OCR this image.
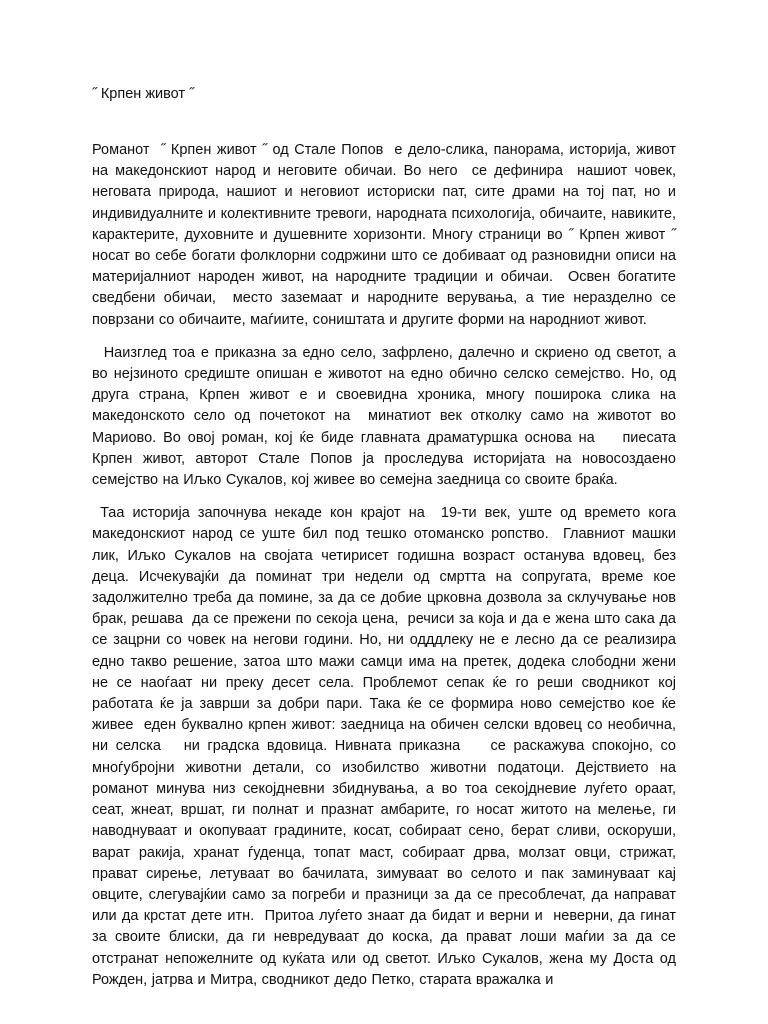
˝ Крпен живот ˝

Романот  ˝ Крпен живот ˝ од Стале Попов  е дело-слика, панорама, историја, живот на македонскиот народ и неговите обичаи. Во него  се дефинира  нашиот човек, неговата природа, нашиот и неговиот историски пат, сите драми на тој пат, но и индивидуалните и колективните тревоги, народната психологија, обичаите, навиките, карактерите, духовните и душевните хоризонти. Многу страници во ˝ Крпен живот ˝ носат во себе богати фолклорни содржини што се добиваат од разновидни описи на материјалниот народен живот, на народните традиции и обичаи.  Освен богатите сведбени обичаи,  место заземаат и народните верувања, а тие неразделно се поврзани со обичаите, маѓиите, соништата и другите форми на народниот живот.

Наизглед тоа е приказна за едно село, зафрлено, далечно и скриено од светот, а во нејзиното средиште опишан е животот на едно обично селско семејство. Но, од друга страна, Крпен живот е и своевидна хроника, многу поширока слика на македонското село од почетокот на  минатиот век отколку само на животот во Мариово. Во овој роман, кој ќе биде главната драматуршка основа на    пиесата Крпен живот, авторот Стале Попов ја проследува историјата на новосоздаено семејство на Иљко Сукалов, кој живее во семејна заедница со своите браќа.

Таа историја започнува некаде кон крајот на  19-ти век, уште од времето кога македонскиот народ се уште бил под тешко отоманско ропство.  Главниот машки лик, Иљко Сукалов на својата четирисет годишна возраст останува вдовец, без деца. Исчекувајќи да поминат три недели од смртта на сопругата, време кое задолжително треба да помине, за да се добие црковна дозвола за склучување нов брак, решава  да се прежени по секоја цена,  речиси за која и да е жена што сака да се зацрни со човек на негови години. Но, ни одддлеку не е лесно да се реализира едно такво решение, затоа што мажи самци има на претек, додека слободни жени не се наоѓаат ни преку десет села. Проблемот сепак ќе го реши сводникот кој работата ќе ја заврши за добри пари. Така ќе се формира ново семејство кое ќе живее  еден буквално крпен живот: заедница на обичен селски вдовец со необична, ни селска   ни градска вдовица. Нивната приказна    се раскажува спокојно, со мноѓубројни животни детали, со изобилство животни податоци. Дејствието на романот минува низ секојдневни збиднувања, а во тоа секојдневие луѓето ораат, сеат, жнеат, вршат, ги полнат и празнат амбарите, го носат житото на мелење, ги наводнуваат и окопуваат градините, косат, собираат сено, берат сливи, оскоруши, варат ракија, хранат ѓуденца, топат маст, собираат дрва, молзат овци, стрижат, прават сирење, летуваат во бачилата, зимуваат во селото и пак заминуваат кај овците, слегувајќии само за погреби и празници за да се пресоблечат, да направат или да крстат дете итн.  Притоа луѓето знаат да бидат и верни и  неверни, да гинат за своите блиски, да ги невредуваат до коска, да прават лоши маѓии за да се отстранат непожелните од куќата или од светот. Иљко Сукалов, жена му Доста од Рожден, јатрва и Митра, сводникот дедо Петко, старата вражалка и
